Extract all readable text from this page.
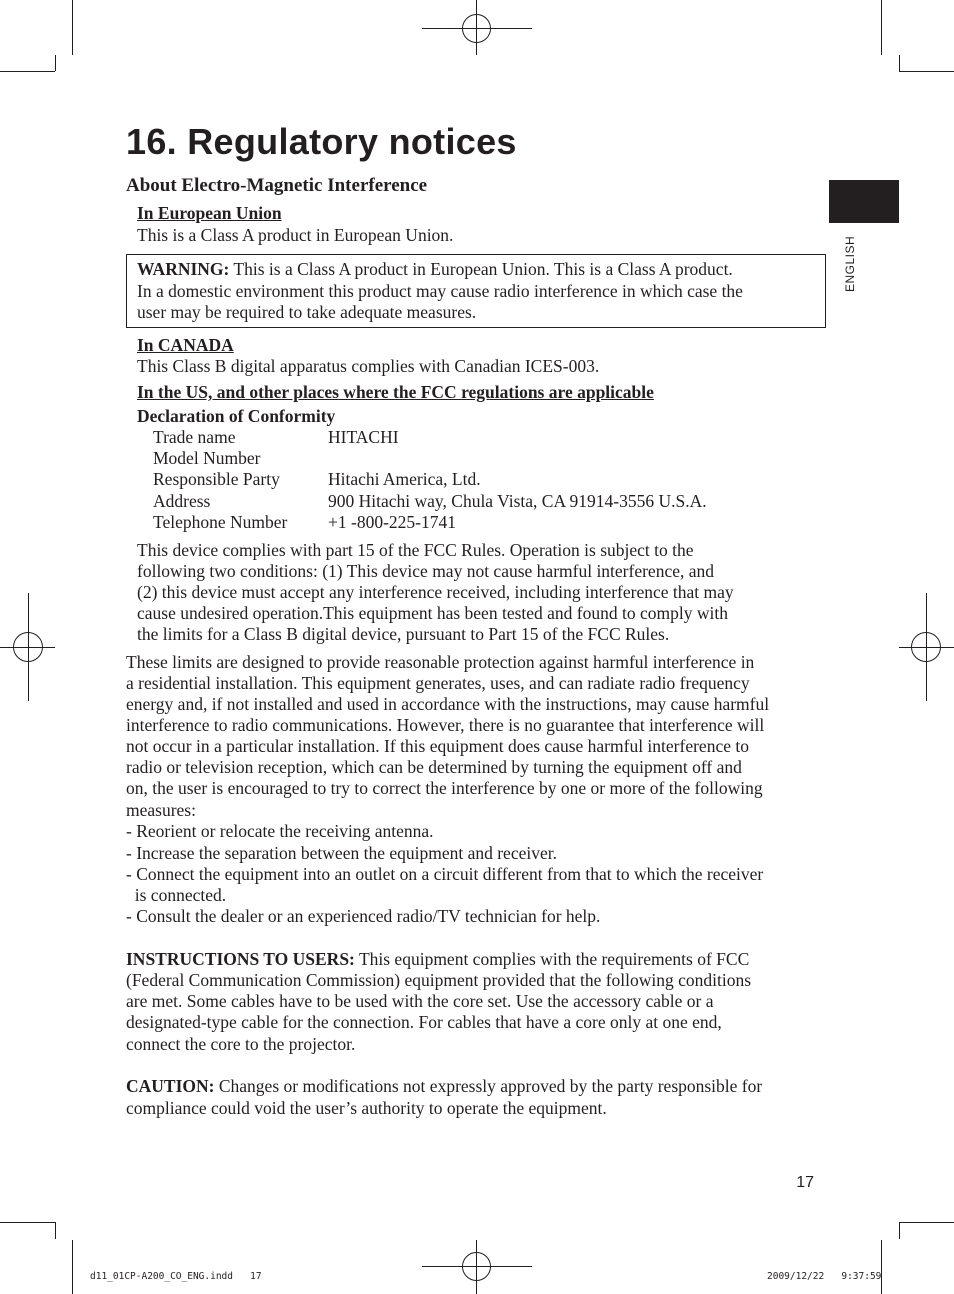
ENGLISH
16. Regulatory notices
About Electro-Magnetic Interference
In European Union
This is a Class A product in European Union.
WARNING: This is a Class A product in European Union. This is a Class A product.
In a domestic environment this product may cause radio interference in which case the
user may be required to take adequate measures.
In CANADA
This Class B digital apparatus complies with Canadian ICES-003.
In the US, and other places where the FCC regulations are applicable
Declaration of Conformity
Trade name	HITACHI
Model Number	
Responsible Party	Hitachi America, Ltd.
Address	900 Hitachi way, Chula Vista, CA 91914-3556 U.S.A.
Telephone Number	+1 -800-225-1741
This device complies with part 15 of the FCC Rules. Operation is subject to the
following two conditions: (1) This device may not cause harmful interference, and
(2) this device must accept any interference received, including interference that may
cause undesired operation.This equipment has been tested and found to comply with
the limits for a Class B digital device, pursuant to Part 15 of the FCC Rules.
These limits are designed to provide reasonable protection against harmful interference in
a residential installation. This equipment generates, uses, and can radiate radio frequency
energy and, if not installed and used in accordance with the instructions, may cause harmful
interference to radio communications. However, there is no guarantee that interference will
not occur in a particular installation. If this equipment does cause harmful interference to
radio or television reception, which can be determined by turning the equipment off and
on, the user is encouraged to try to correct the interference by one or more of the following
measures:
- Reorient or relocate the receiving antenna.
- Increase the separation between the equipment and receiver.
- Connect the equipment into an outlet on a circuit different from that to which the receiver
is connected.
- Consult the dealer or an experienced radio/TV technician for help.
INSTRUCTIONS TO USERS: This equipment complies with the requirements of FCC
(Federal Communication Commission) equipment provided that the following conditions
are met. Some cables have to be used with the core set. Use the accessory cable or a
designated-type cable for the connection. For cables that have a core only at one end,
connect the core to the projector.
CAUTION: Changes or modifications not expressly approved by the party responsible for
compliance could void the user’s authority to operate the equipment.
17
d11_01CP-A200_CO_ENG.indd   17	2009/12/22   9:37:59
